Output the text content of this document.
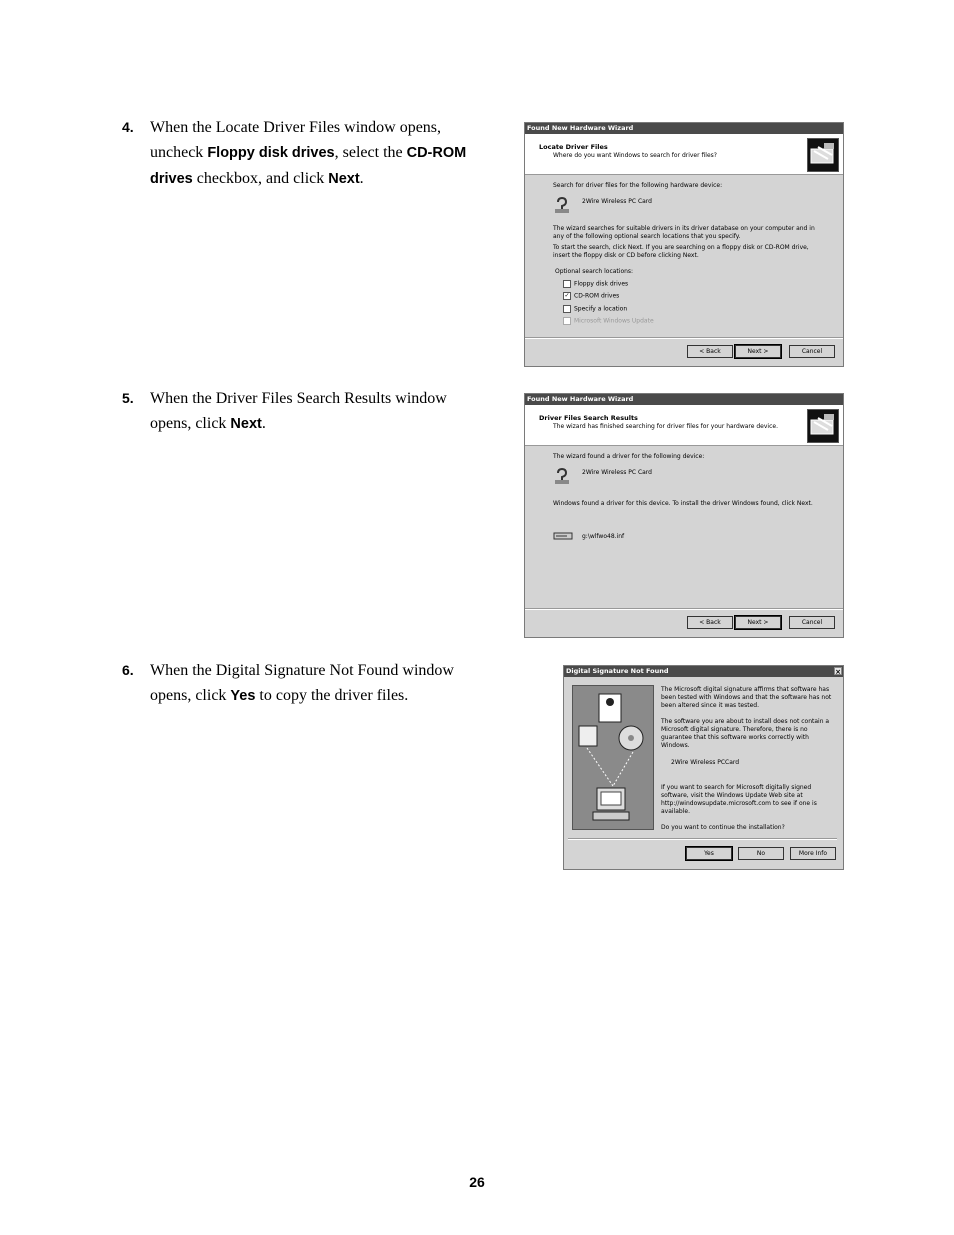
4. When the Locate Driver Files window opens, uncheck Floppy disk drives, select the CD-ROM drives checkbox, and click Next.
5. When the Driver Files Search Results window opens, click Next.
6. When the Digital Signature Not Found window opens, click Yes to copy the driver files.
Found New Hardware Wizard
Locate Driver Files
Where do you want Windows to search for driver files?
Search for driver files for the following hardware device:
2Wire Wireless PC Card
The wizard searches for suitable drivers in its driver database on your computer and in any of the following optional search locations that you specify.
To start the search, click Next. If you are searching on a floppy disk or CD-ROM drive, insert the floppy disk or CD before clicking Next.
Optional search locations:
Floppy disk drives
✓ CD-ROM drives
Specify a location
Microsoft Windows Update
< Back	Next >	Cancel
Found New Hardware Wizard
Driver Files Search Results
The wizard has finished searching for driver files for your hardware device.
The wizard found a driver for the following device:
2Wire Wireless PC Card
Windows found a driver for this device. To install the driver Windows found, click Next.
g:\wlfwo48.inf
< Back	Next >	Cancel
Digital Signature Not Found	×
The Microsoft digital signature affirms that software has been tested with Windows and that the software has not been altered since it was tested.
The software you are about to install does not contain a Microsoft digital signature. Therefore, there is no guarantee that this software works correctly with Windows.
2Wire Wireless PCCard
If you want to search for Microsoft digitally signed software, visit the Windows Update Web site at http://windowsupdate.microsoft.com to see if one is available.
Do you want to continue the installation?
Yes	No	More Info
26
